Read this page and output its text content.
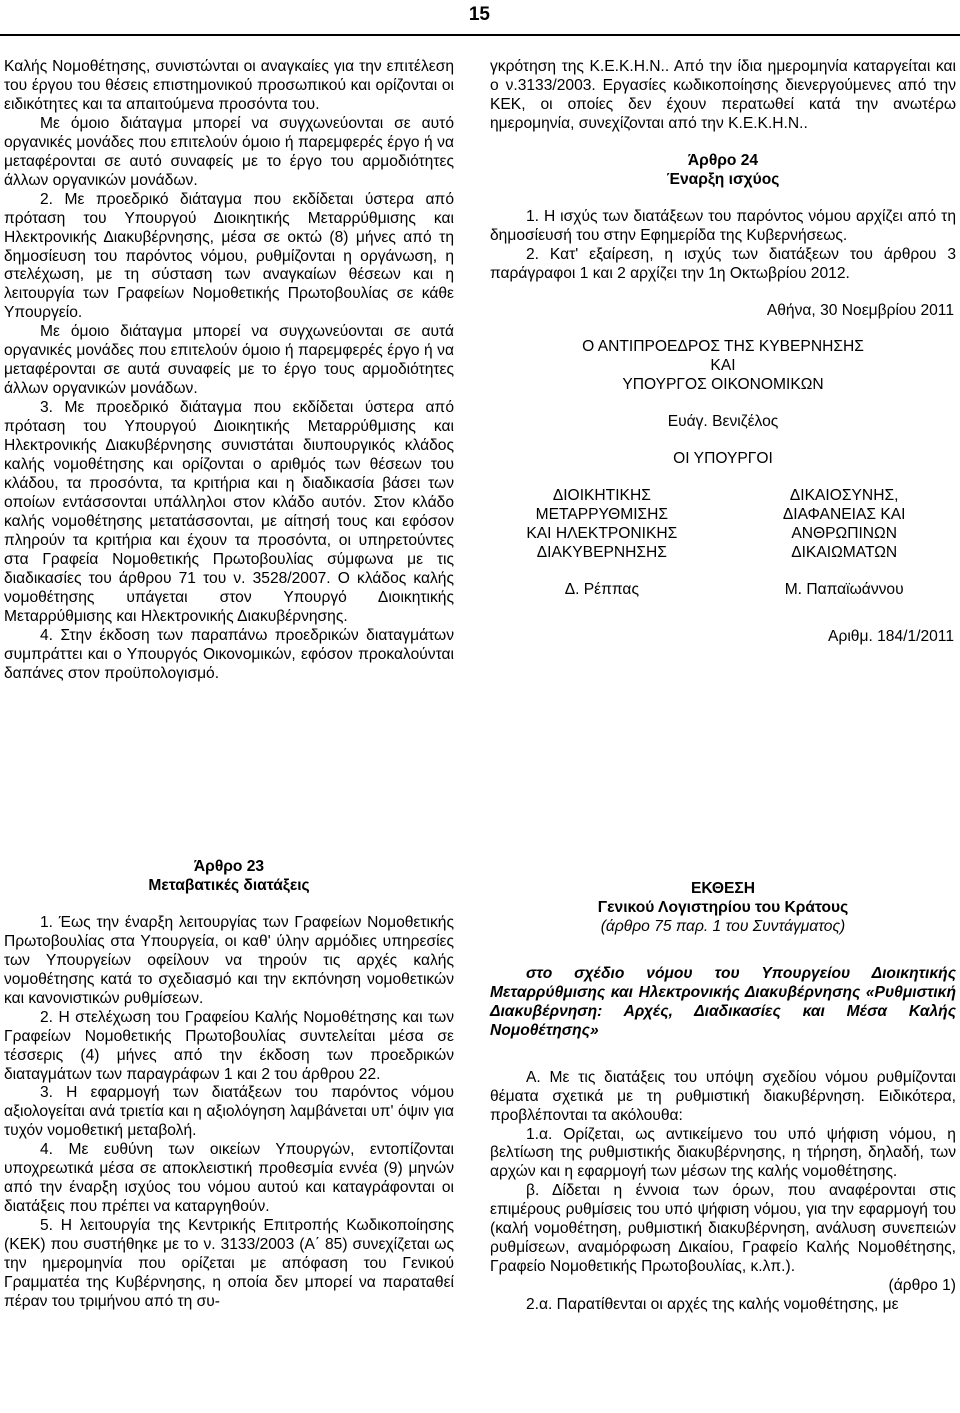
15

Καλής Νομοθέτησης, συνιστώνται οι αναγκαίες για την επιτέλεση του έργου του θέσεις επιστημονικού προσωπικού και ορίζονται οι ειδικότητες και τα απαιτούμενα προσόντα του.

Με όμοιο διάταγμα μπορεί να συγχωνεύονται σε αυτό οργανικές μονάδες που επιτελούν όμοιο ή παρεμφερές έργο ή να μεταφέρονται σε αυτό συναφείς με το έργο του αρμοδιότητες άλλων οργανικών μονάδων.

2. Με προεδρικό διάταγμα που εκδίδεται ύστερα από πρόταση του Υπουργού Διοικητικής Μεταρρύθμισης και Ηλεκτρονικής Διακυβέρνησης, μέσα σε οκτώ (8) μήνες από τη δημοσίευση του παρόντος νόμου, ρυθμίζονται η οργάνωση, η στελέχωση, με τη σύσταση των αναγκαίων θέσεων και η λειτουργία των Γραφείων Νομοθετικής Πρωτοβουλίας σε κάθε Υπουργείο.

Με όμοιο διάταγμα μπορεί να συγχωνεύονται σε αυτά οργανικές μονάδες που επιτελούν όμοιο ή παρεμφερές έργο ή να μεταφέρονται σε αυτά συναφείς με το έργο τους αρμοδιότητες άλλων οργανικών μονάδων.

3. Με προεδρικό διάταγμα που εκδίδεται ύστερα από πρόταση του Υπουργού Διοικητικής Μεταρρύθμισης και Ηλεκτρονικής Διακυβέρνησης συνιστάται διυπουργικός κλάδος καλής νομοθέτησης και ορίζονται ο αριθμός των θέσεων του κλάδου, τα προσόντα, τα κριτήρια και η διαδικασία βάσει των οποίων εντάσσονται υπάλληλοι στον κλάδο αυτόν. Στον κλάδο καλής νομοθέτησης μετατάσσονται, με αίτησή τους και εφόσον πληρούν τα κριτήρια και έχουν τα προσόντα, οι υπηρετούντες στα Γραφεία Νομοθετικής Πρωτοβουλίας σύμφωνα με τις διαδικασίες του άρθρου 71 του ν. 3528/2007. Ο κλάδος καλής νομοθέτησης υπάγεται στον Υπουργό Διοικητικής Μεταρρύθμισης και Ηλεκτρονικής Διακυβέρνησης.

4. Στην έκδοση των παραπάνω προεδρικών διαταγμάτων συμπράττει και ο Υπουργός Οικονομικών, εφόσον προκαλούνται δαπάνες στον προϋπολογισμό.

Άρθρο 23

Μεταβατικές διατάξεις

1. Έως την έναρξη λειτουργίας των Γραφείων Νομοθετικής Πρωτοβουλίας στα Υπουργεία, οι καθ' ύλην αρμόδιες υπηρεσίες των Υπουργείων οφείλουν να τηρούν τις αρχές καλής νομοθέτησης κατά το σχεδιασμό και την εκπόνηση νομοθετικών και κανονιστικών ρυθμίσεων.

2. Η στελέχωση του Γραφείου Καλής Νομοθέτησης και των Γραφείων Νομοθετικής Πρωτοβουλίας συντελείται μέσα σε τέσσερις (4) μήνες από την έκδοση των προεδρικών διαταγμάτων των παραγράφων 1 και 2 του άρθρου 22.

3. Η εφαρμογή των διατάξεων του παρόντος νόμου αξιολογείται ανά τριετία και η αξιολόγηση λαμβάνεται υπ' όψιν για τυχόν νομοθετική μεταβολή.

4. Με ευθύνη των οικείων Υπουργών, εντοπίζονται υποχρεωτικά μέσα σε αποκλειστική προθεσμία εννέα (9) μηνών από την έναρξη ισχύος του νόμου αυτού και καταγράφονται οι διατάξεις που πρέπει να καταργηθούν.

5. Η λειτουργία της Κεντρικής Επιτροπής Κωδικοποίησης (ΚΕΚ) που συστήθηκε με το ν. 3133/2003 (Α΄ 85) συνεχίζεται ως την ημερομηνία που ορίζεται με απόφαση του Γενικού Γραμματέα της Κυβέρνησης, η οποία δεν μπορεί να παραταθεί πέραν του τριμήνου από τη συ-

γκρότηση της Κ.Ε.Κ.Η.Ν.. Από την ίδια ημερομηνία καταργείται και ο ν.3133/2003. Εργασίες κωδικοποίησης διενεργούμενες από την ΚΕΚ, οι οποίες δεν έχουν περατωθεί κατά την ανωτέρω ημερομηνία, συνεχίζονται από την Κ.Ε.Κ.Η.Ν..

Άρθρο 24

Έναρξη ισχύος

1. Η ισχύς των διατάξεων του παρόντος νόμου αρχίζει από τη δημοσίευσή του στην Εφημερίδα της Κυβερνήσεως.

2. Κατ' εξαίρεση, η ισχύς των διατάξεων του άρθρου 3 παράγραφοι 1 και 2 αρχίζει την 1η Οκτωβρίου 2012.

Αθήνα, 30 Νοεμβρίου 2011

Ο ΑΝΤΙΠΡΟΕΔΡΟΣ ΤΗΣ ΚΥΒΕΡΝΗΣΗΣ

ΚΑΙ

ΥΠΟΥΡΓΟΣ ΟΙΚΟΝΟΜΙΚΩΝ

Ευάγ. Βενιζέλος

ΟΙ ΥΠΟΥΡΓΟΙ

ΔΙΟΙΚΗΤΙΚΗΣ

ΜΕΤΑΡΡΥΘΜΙΣΗΣ

ΚΑΙ ΗΛΕΚΤΡΟΝΙΚΗΣ

ΔΙΑΚΥΒΕΡΝΗΣΗΣ

Δ. Ρέππας

ΔΙΚΑΙΟΣΥΝΗΣ,

ΔΙΑΦΑΝΕΙΑΣ ΚΑΙ

ΑΝΘΡΩΠΙΝΩΝ

ΔΙΚΑΙΩΜΑΤΩΝ

Μ. Παπαϊωάννου

Αριθμ. 184/1/2011

ΕΚΘΕΣΗ

Γενικού Λογιστηρίου του Κράτους

(άρθρο 75 παρ. 1 του Συντάγματος)

στο σχέδιο νόμου του Υπουργείου Διοικητικής Μεταρρύθμισης και Ηλεκτρονικής Διακυβέρνησης «Ρυθμιστική Διακυβέρνηση: Αρχές, Διαδικασίες και Μέσα Καλής Νομοθέτησης»

Α. Με τις διατάξεις του υπόψη σχεδίου νόμου ρυθμίζονται θέματα σχετικά με τη ρυθμιστική διακυβέρνηση. Ειδικότερα, προβλέπονται τα ακόλουθα:

1.α. Ορίζεται, ως αντικείμενο του υπό ψήφιση νόμου, η βελτίωση της ρυθμιστικής διακυβέρνησης, η τήρηση, δηλαδή, των αρχών και η εφαρμογή των μέσων της καλής νομοθέτησης.

β. Δίδεται η έννοια των όρων, που αναφέρονται στις επιμέρους ρυθμίσεις του υπό ψήφιση νόμου, για την εφαρμογή του (καλή νομοθέτηση, ρυθμιστική διακυβέρνηση, ανάλυση συνεπειών ρυθμίσεων, αναμόρφωση Δικαίου, Γραφείο Καλής Νομοθέτησης, Γραφείο Νομοθετικής Πρωτοβουλίας, κ.λπ.).

(άρθρο 1)

2.α. Παρατίθενται οι αρχές της καλής νομοθέτησης, με
